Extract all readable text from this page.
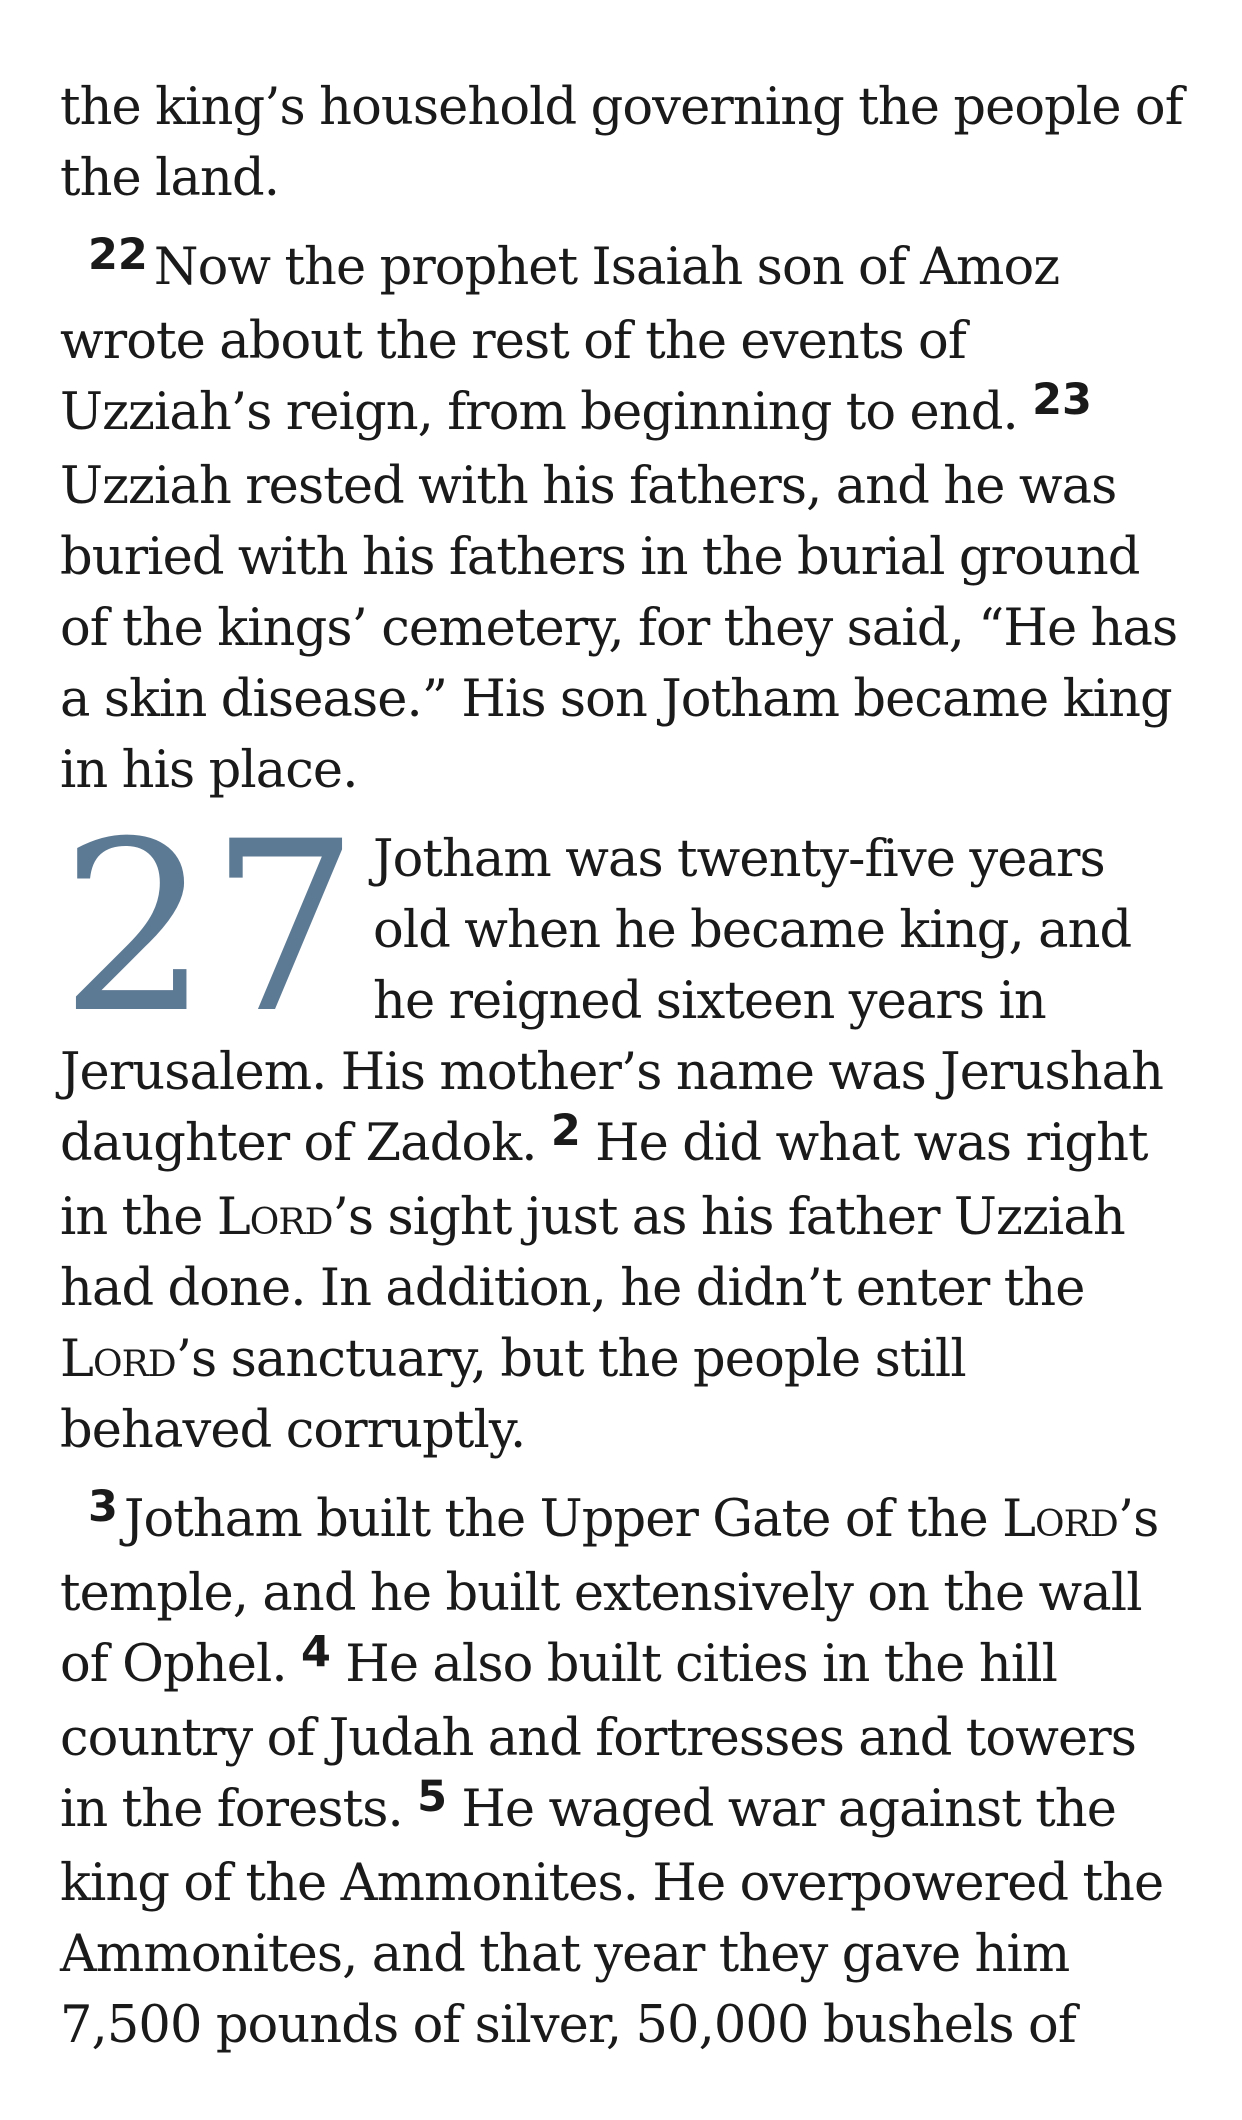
the king’s household governing the people of the land.

$^{22}$ Now the prophet Isaiah son of Amoz wrote about the rest of the events of Uzziah’s reign, from beginning to end. $^{23}$ Uzziah rested with his fathers, and he was buried with his fathers in the burial ground of the kings’ cemetery, for they said, “He has a skin disease.” His son Jotham became king in his place.

27 Jotham was twenty-five years old when he became king, and he reigned sixteen years in Jerusalem. His mother’s name was Jerushah daughter of Zadok. $^2$ He did what was right in the Lord’s sight just as his father Uzziah had done. In addition, he didn’t enter the Lord’s sanctuary, but the people still behaved corruptly.

$^3$ Jotham built the Upper Gate of the Lord’s temple, and he built extensively on the wall of Ophel. $^4$ He also built cities in the hill country of Judah and fortresses and towers in the forests. $^5$ He waged war against the king of the Ammonites. He overpowered the Ammonites, and that year they gave him 7,500 pounds of silver, 50,000 bushels of
